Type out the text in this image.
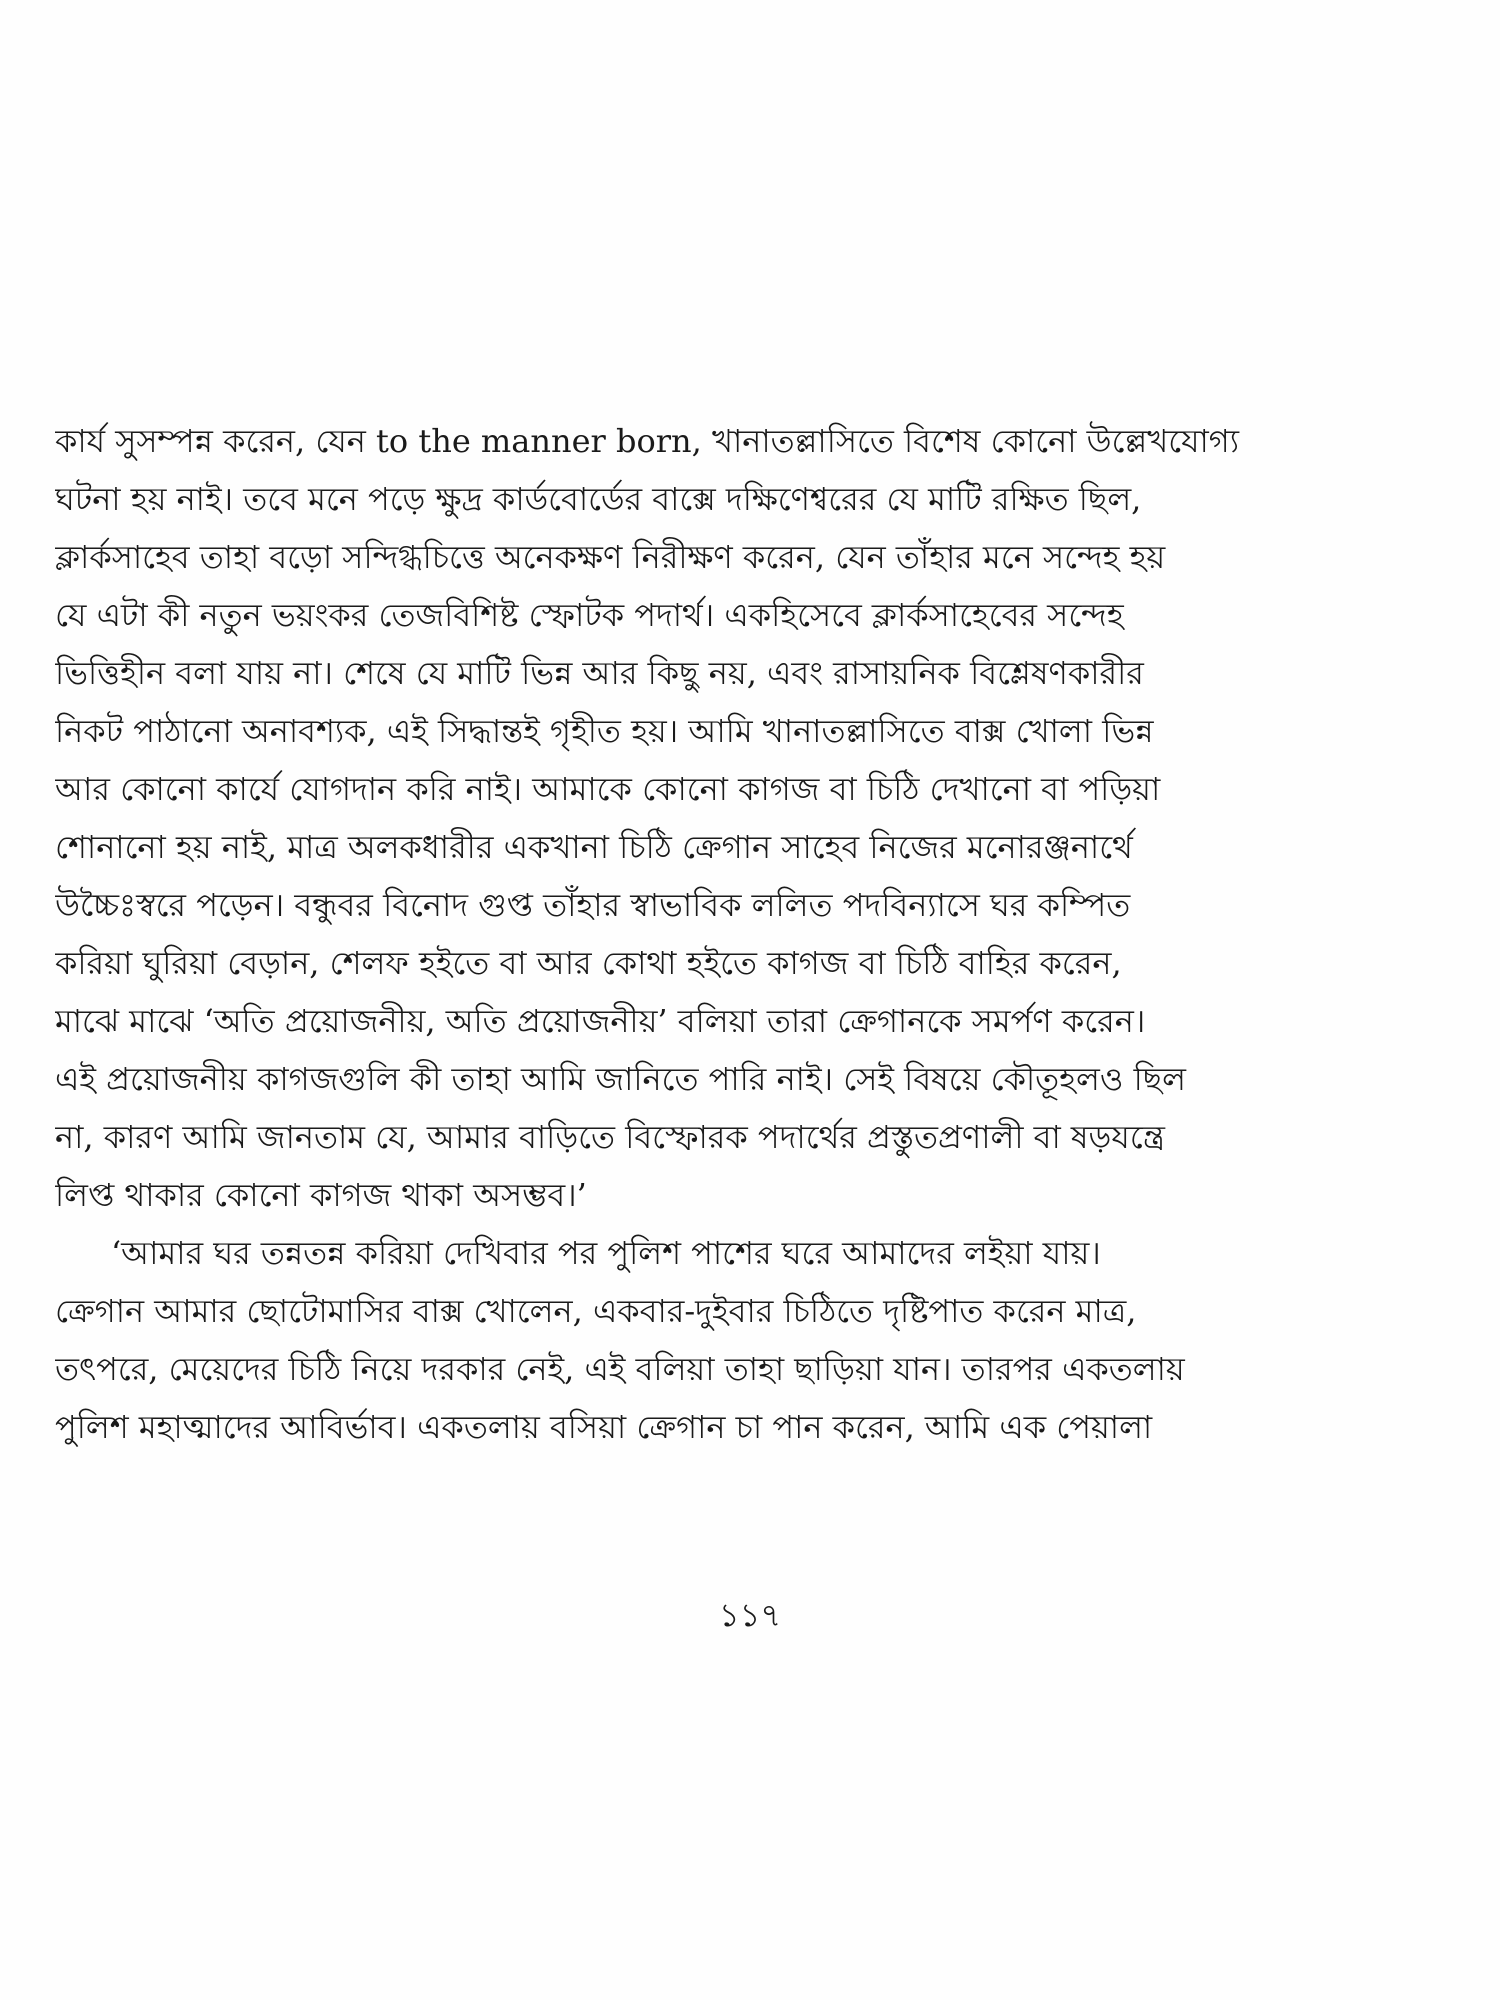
কার্য সুসম্পন্ন করেন, যেন to the manner born, খানাতল্লাসিতে বিশেষ কোনো উল্লেখযোগ্য
ঘটনা হয় নাই। তবে মনে পড়ে ক্ষুদ্র কার্ডবোর্ডের বাক্সে দক্ষিণেশ্বরের যে মাটি রক্ষিত ছিল,
ক্লার্কসাহেব তাহা বড়ো সন্দিগ্ধচিত্তে অনেকক্ষণ নিরীক্ষণ করেন, যেন তাঁহার মনে সন্দেহ হয়
যে এটা কী নতুন ভয়ংকর তেজবিশিষ্ট স্ফোটক পদার্থ। একহিসেবে ক্লার্কসাহেবের সন্দেহ
ভিত্তিহীন বলা যায় না। শেষে যে মাটি ভিন্ন আর কিছু নয়, এবং রাসায়নিক বিশ্লেষণকারীর
নিকট পাঠানো অনাবশ্যক, এই সিদ্ধান্তই গৃহীত হয়। আমি খানাতল্লাসিতে বাক্স খোলা ভিন্ন
আর কোনো কার্যে যোগদান করি নাই। আমাকে কোনো কাগজ বা চিঠি দেখানো বা পড়িয়া
শোনানো হয় নাই, মাত্র অলকধারীর একখানা চিঠি ক্রেগান সাহেব নিজের মনোরঞ্জনার্থে
উচ্চৈঃস্বরে পড়েন। বন্ধুবর বিনোদ গুপ্ত তাঁহার স্বাভাবিক ললিত পদবিন্যাসে ঘর কম্পিত
করিয়া ঘুরিয়া বেড়ান, শেলফ হইতে বা আর কোথা হইতে কাগজ বা চিঠি বাহির করেন,
মাঝে মাঝে ‘অতি প্রয়োজনীয়, অতি প্রয়োজনীয়’ বলিয়া তারা ক্রেগানকে সমর্পণ করেন।
এই প্রয়োজনীয় কাগজগুলি কী তাহা আমি জানিতে পারি নাই। সেই বিষয়ে কৌতূহলও ছিল
না, কারণ আমি জানতাম যে, আমার বাড়িতে বিস্ফোরক পদার্থের প্রস্তুতপ্রণালী বা ষড়যন্ত্রে
লিপ্ত থাকার কোনো কাগজ থাকা অসম্ভব।’
‘আমার ঘর তন্নতন্ন করিয়া দেখিবার পর পুলিশ পাশের ঘরে আমাদের লইয়া যায়।
ক্রেগান আমার ছোটোমাসির বাক্স খোলেন, একবার-দুইবার চিঠিতে দৃষ্টিপাত করেন মাত্র,
তৎপরে, মেয়েদের চিঠি নিয়ে দরকার নেই, এই বলিয়া তাহা ছাড়িয়া যান। তারপর একতলায়
পুলিশ মহাত্মাদের আবির্ভাব। একতলায় বসিয়া ক্রেগান চা পান করেন, আমি এক পেয়ালা
১১৭
